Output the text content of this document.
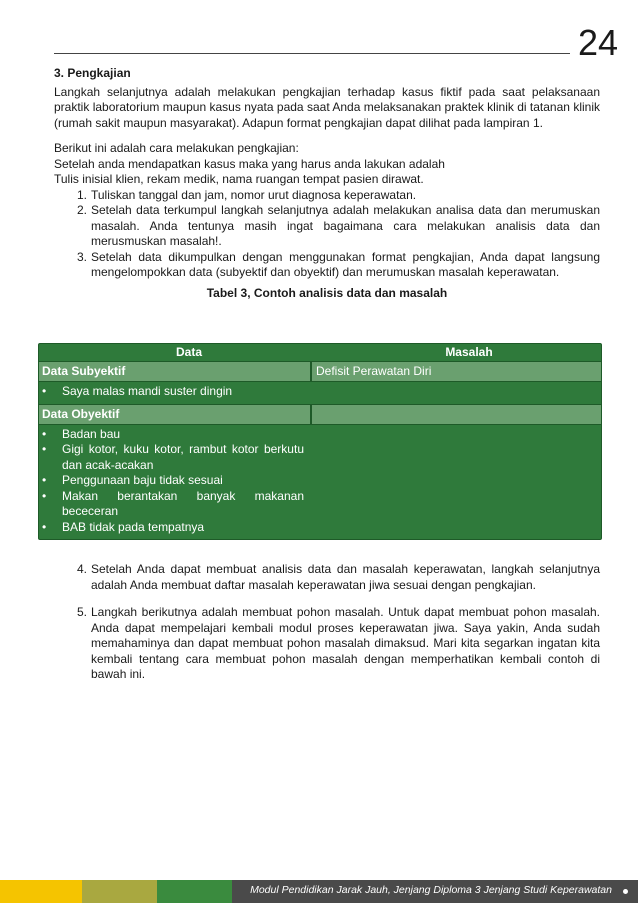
24

3. Pengkajian

Langkah selanjutnya adalah melakukan pengkajian terhadap kasus fiktif pada saat pelaksanaan praktik laboratorium maupun kasus nyata pada saat Anda melaksanakan praktek klinik di tatanan klinik (rumah sakit maupun masyarakat). Adapun format pengkajian dapat dilihat pada lampiran 1.

Berikut ini adalah cara melakukan pengkajian:

Setelah anda mendapatkan kasus maka yang harus anda lakukan adalah

Tulis inisial klien, rekam medik, nama ruangan tempat pasien dirawat.

1. Tuliskan tanggal dan jam, nomor urut diagnosa keperawatan.
2. Setelah data terkumpul langkah selanjutnya adalah melakukan analisa data dan merumuskan masalah. Anda tentunya masih ingat bagaimana cara melakukan analisis data dan merusmuskan masalah!.
3. Setelah data dikumpulkan dengan menggunakan format pengkajian, Anda dapat langsung mengelompokkan data (subyektif dan obyektif) dan merumuskan masalah keperawatan.

Tabel 3, Contoh analisis data dan masalah

Data	Masalah
Data Subyektif	Defisit Perawatan Diri
•	Saya malas mandi suster dingin
Data Obyektif
•	Badan bau
•	Gigi kotor, kuku kotor, rambut kotor berkutu dan acak-acakan
•	Penggunaan baju tidak sesuai
•	Makan berantakan banyak makanan bececeran
•	BAB tidak pada tempatnya
4. Setelah Anda dapat membuat analisis data dan masalah keperawatan, langkah selanjutnya adalah Anda membuat daftar masalah keperawatan jiwa sesuai dengan pengkajian.
5. Langkah berikutnya adalah membuat pohon masalah. Untuk dapat membuat pohon masalah. Anda dapat mempelajari kembali modul proses keperawatan jiwa. Saya yakin, Anda sudah memahaminya dan dapat membuat pohon masalah dimaksud. Mari kita segarkan ingatan kita kembali tentang cara membuat pohon masalah dengan memperhatikan kembali contoh di bawah ini.
Modul Pendidikan Jarak Jauh, Jenjang Diploma 3 Jenjang Studi Keperawatan
